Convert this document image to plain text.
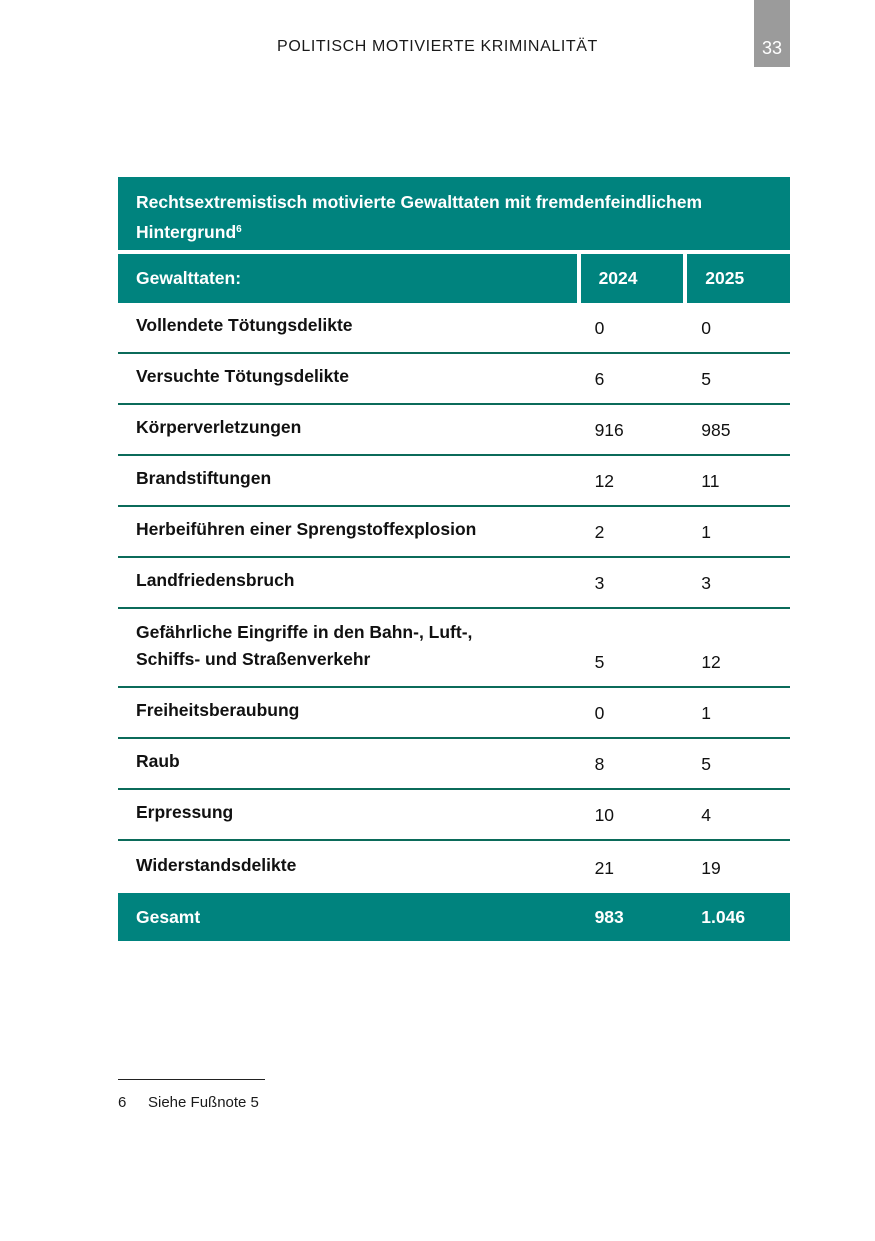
POLITISCH MOTIVIERTE KRIMINALITÄT	33
Rechtsextremistisch motivierte Gewalttaten mit fremdenfeindlichem Hintergrund$^6$
Gewalttaten:	2024	2025
Vollendete Tötungsdelikte	0	0
Versuchte Tötungsdelikte	6	5
Körperverletzungen	916	985
Brandstiftungen	12	11
Herbeiführen einer Sprengstoffexplosion	2	1
Landfriedensbruch	3	3
Gefährliche Eingriffe in den Bahn-, Luft-, Schiffs- und Straßenverkehr	5	12
Freiheitsberaubung	0	1
Raub	8	5
Erpressung	10	4
Widerstandsdelikte	21	19
Gesamt	983	1.046
6	Siehe Fußnote 5
